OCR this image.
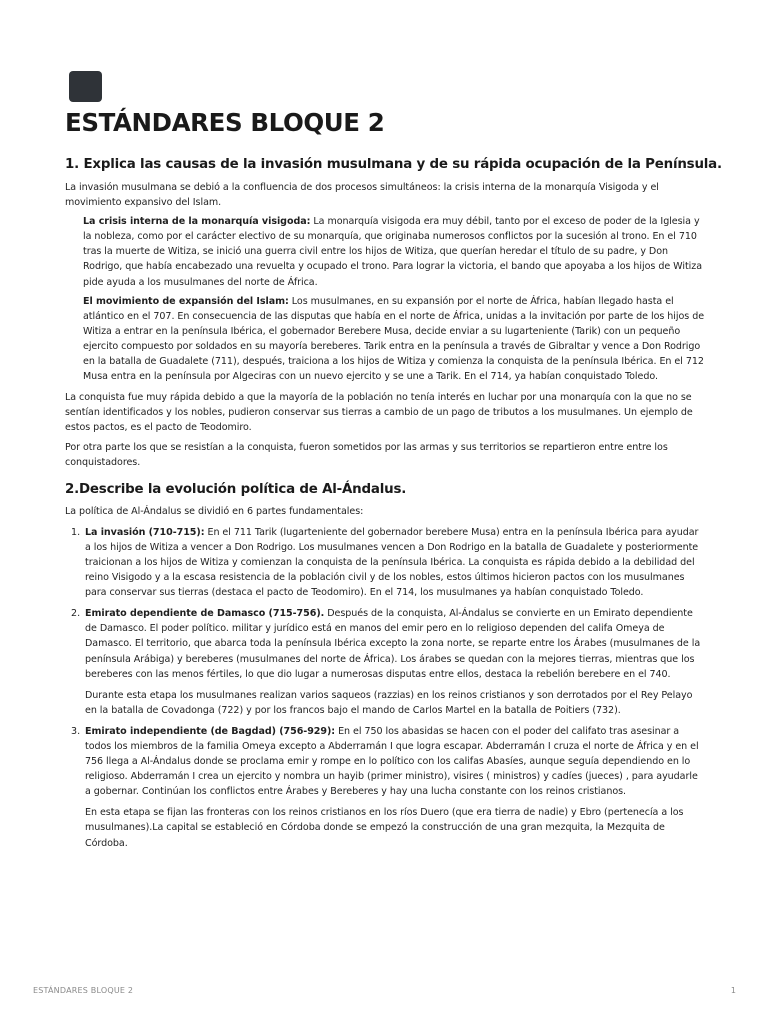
ESTÁNDARES BLOQUE 2
1. Explica las causas de la invasión musulmana y de su rápida ocupación de la Península.

La invasión musulmana se debió a la confluencia de dos procesos simultáneos: la crisis interna de la monarquía Visigoda y el movimiento expansivo del Islam.

La crisis interna de la monarquía visigoda: La monarquía visigoda era muy débil, tanto por el exceso de poder de la Iglesia y la nobleza, como por el carácter electivo de su monarquía, que originaba numerosos conflictos por la sucesión al trono. En el 710 tras la muerte de Witiza, se inició una guerra civil entre los hijos de Witiza, que querían heredar el título de su padre, y Don Rodrigo, que había encabezado una revuelta y ocupado el trono. Para lograr la victoria, el bando que apoyaba a los hijos de Witiza pide ayuda a los musulmanes del norte de África.

El movimiento de expansión del Islam: Los musulmanes, en su expansión por el norte de África, habían llegado hasta el atlántico en el 707. En consecuencia de las disputas que había en el norte de África, unidas a la invitación por parte de los hijos de Witiza a entrar en la península Ibérica, el gobernador Berebere Musa, decide enviar a su lugarteniente (Tarik) con un pequeño ejercito compuesto por soldados en su mayoría bereberes. Tarik entra en la península a través de Gibraltar y vence a Don Rodrigo en la batalla de Guadalete (711), después, traiciona a los hijos de Witiza y comienza la conquista de la península Ibérica. En el 712 Musa entra en la península por Algeciras con un nuevo ejercito y se une a Tarik. En el 714, ya habían conquistado Toledo.

La conquista fue muy rápida debido a que la mayoría de la población no tenía interés en luchar por una monarquía con la que no se sentían identificados y los nobles, pudieron conservar sus tierras a cambio de un pago de tributos a los musulmanes. Un ejemplo de estos pactos, es el pacto de Teodomiro.

Por otra parte los que se resistían a la conquista, fueron sometidos por las armas y sus territorios se repartieron entre entre los conquistadores.

2.Describe la evolución política de Al-Ándalus.

La política de Al-Ándalus se dividió en 6 partes fundamentales:

1. La invasión (710-715): En el 711 Tarik (lugarteniente del gobernador berebere Musa) entra en la península Ibérica para ayudar a los hijos de Witiza a vencer a Don Rodrigo. Los musulmanes vencen a Don Rodrigo en la batalla de Guadalete y posteriormente traicionan a los hijos de Witiza y comienzan la conquista de la península Ibérica. La conquista es rápida debido a la debilidad del reino Visigodo y a la escasa resistencia de la población civil y de los nobles, estos últimos hicieron pactos con los musulmanes para conservar sus tierras (destaca el pacto de Teodomiro). En el 714, los musulmanes ya habían conquistado Toledo.

2. Emirato dependiente de Damasco (715-756). Después de la conquista, Al-Ándalus se convierte en un Emirato dependiente de Damasco. El poder político. militar y jurídico está en manos del emir pero en lo religioso dependen del califa Omeya de Damasco. El territorio, que abarca toda la península Ibérica excepto la zona norte, se reparte entre los Árabes (musulmanes de la península Arábiga) y bereberes (musulmanes del norte de África). Los árabes se quedan con la mejores tierras, mientras que los bereberes con las menos fértiles, lo que dio lugar a numerosas disputas entre ellos, destaca la rebelión berebere en el 740.

Durante esta etapa los musulmanes realizan varios saqueos (razzias) en los reinos cristianos y son derrotados por el Rey Pelayo en la batalla de Covadonga (722) y por los francos bajo el mando de Carlos Martel en la batalla de Poitiers (732).

3. Emirato independiente (de Bagdad) (756-929): En el 750 los abasidas se hacen con el poder del califato tras asesinar a todos los miembros de la familia Omeya excepto a Abderramán I que logra escapar. Abderramán I cruza el norte de África y en el 756 llega a Al-Ándalus donde se proclama emir y rompe en lo político con los califas Abasíes, aunque seguía dependiendo en lo religioso. Abderramán I crea un ejercito y nombra un hayib (primer ministro), visires ( ministros) y cadíes (jueces) , para ayudarle a gobernar. Continúan los conflictos entre Árabes y Bereberes y hay una lucha constante con los reinos cristianos.

En esta etapa se fijan las fronteras con los reinos cristianos en los ríos Duero (que era tierra de nadie) y Ebro (pertenecía a los musulmanes).La capital se estableció en Córdoba donde se empezó la construcción de una gran mezquita, la Mezquita de Córdoba.

ESTÁNDARES BLOQUE 2	1
